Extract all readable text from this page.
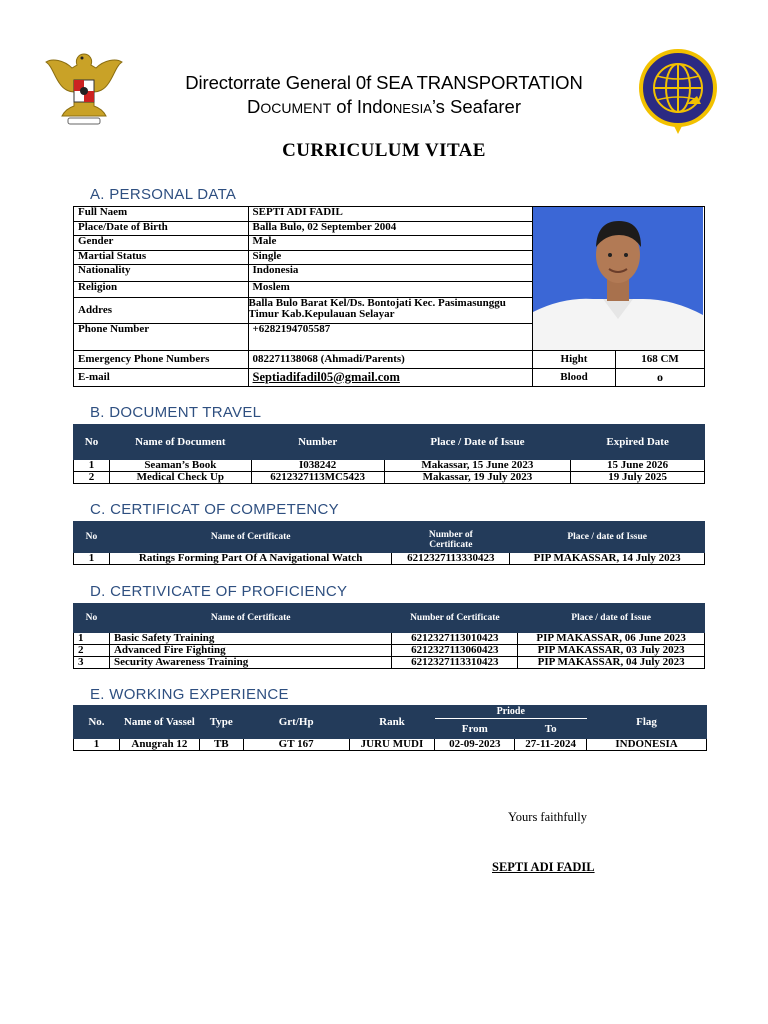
Directorrate General 0f SEA TRANSPORTATION
DOCUMENT of IndoNESIA’s Seafarer
CURRICULUM VITAE
A. PERSONAL DATA
Full Naem	SEPTI ADI FADIL	

Place/Date of Birth	Balla Bulo, 02 September 2004		
Gender	Male		
Martial Status	Single		
Nationality	Indonesia		
Religion	Moslem		
Addres	Balla Bulo Barat Kel/Ds. Bontojati Kec. Pasimasunggu Timur Kab.Kepulauan Selayar		
Phone Number	+6282194705587		
Emergency Phone Numbers	082271138068 (Ahmadi/Parents)	Hight	168 CM
E-mail	Septiadifadil05@gmail.com	Blood	o
B. DOCUMENT TRAVEL
No	Name of Document	Number	Place / Date of Issue	Expired Date
1	Seaman’s Book	I038242	Makassar, 15 June 2023	15 June 2026
2	Medical Check Up	6212327113MC5423	Makassar, 19 July 2023	19 July 2025
C. CERTIFICAT OF COMPETENCY
No	Name of Certificate	Number of Certificate	Place / date of Issue
1	Ratings Forming Part Of A Navigational Watch	6212327113330423	PIP MAKASSAR, 14 July 2023
D. CERTIVICATE OF PROFICIENCY
No	Name of Certificate	Number of Certificate	Place / date of Issue
1	Basic Safety Training	6212327113010423	PIP MAKASSAR, 06 June 2023
2	Advanced Fire Fighting	6212327113060423	PIP MAKASSAR, 03 July 2023
3	Security Awareness Training	6212327113310423	PIP MAKASSAR, 04 July 2023
E. WORKING EXPERIENCE
No.	Name of Vassel	Type	Grt/Hp	Rank	Priode		Flag
					From	To	
1	Anugrah 12	TB	GT 167	JURU MUDI	02-09-2023	27-11-2024	INDONESIA
Yours faithfully
SEPTI ADI FADIL
